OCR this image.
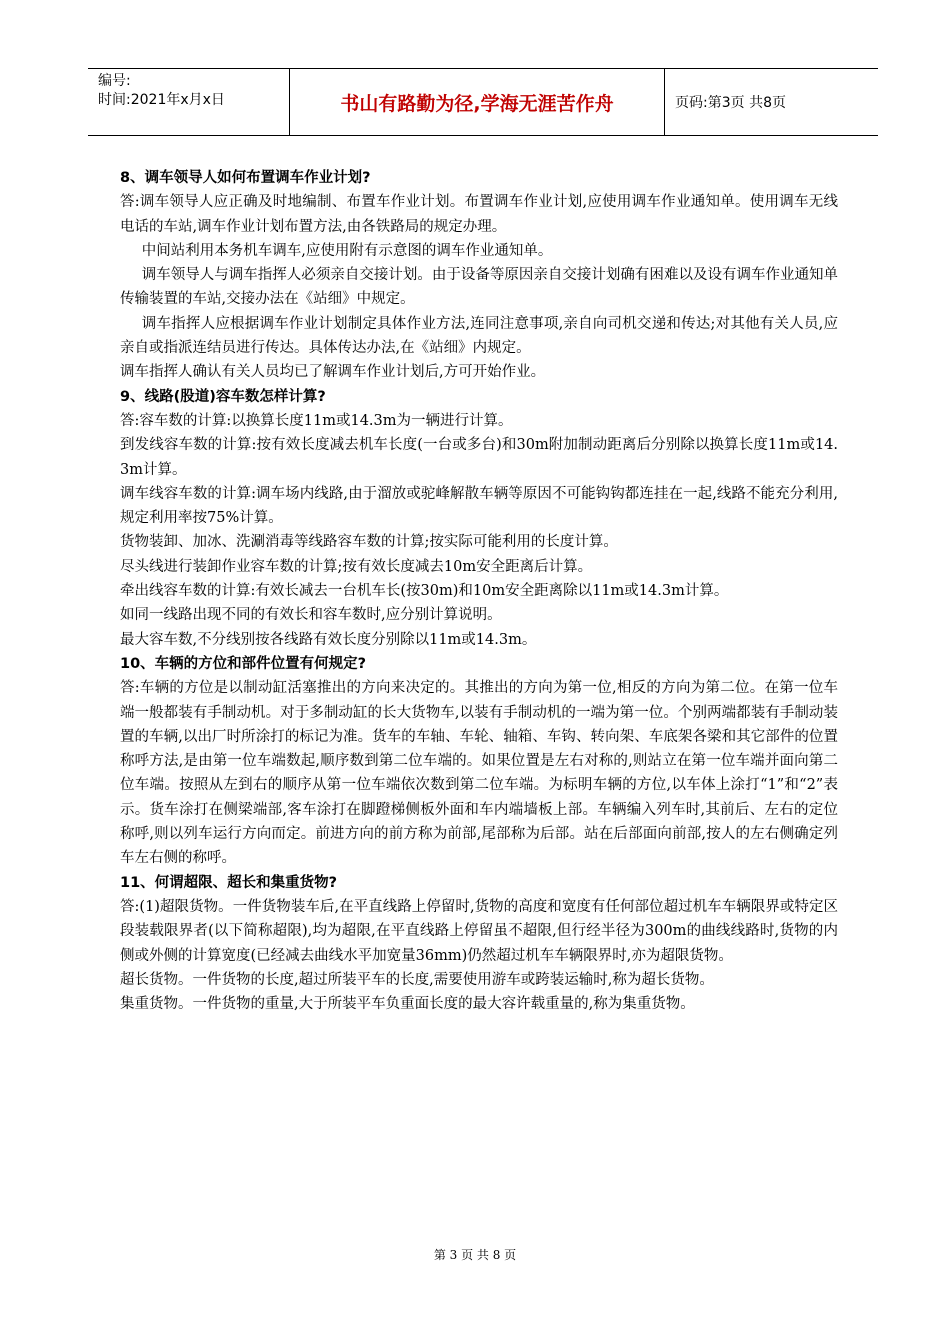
编号:
时间:2021年x月x日	书山有路勤为径,学海无涯苦作舟	页码:第3页 共8页

8、调车领导人如何布置调车作业计划?

答:调车领导人应正确及时地编制、布置车作业计划。布置调车作业计划,应使用调车作业通知单。使用调车无线电话的车站,调车作业计划布置方法,由各铁路局的规定办理。

中间站利用本务机车调车,应使用附有示意图的调车作业通知单。

调车领导人与调车指挥人必须亲自交接计划。由于设备等原因亲自交接计划确有困难以及设有调车作业通知单传输装置的车站,交接办法在《站细》中规定。

调车指挥人应根据调车作业计划制定具体作业方法,连同注意事项,亲自向司机交递和传达;对其他有关人员,应亲自或指派连结员进行传达。具体传达办法,在《站细》内规定。

调车指挥人确认有关人员均已了解调车作业计划后,方可开始作业。

9、线路(股道)容车数怎样计算?

答:容车数的计算:以换算长度11m或14.3m为一辆进行计算。

到发线容车数的计算:按有效长度减去机车长度(一台或多台)和30m附加制动距离后分别除以换算长度11m或14.3m计算。

调车线容车数的计算:调车场内线路,由于溜放或驼峰解散车辆等原因不可能钩钩都连挂在一起,线路不能充分利用,规定利用率按75%计算。

货物装卸、加冰、洗涮消毒等线路容车数的计算;按实际可能利用的长度计算。

尽头线进行装卸作业容车数的计算;按有效长度减去10m安全距离后计算。

牵出线容车数的计算:有效长减去一台机车长(按30m)和10m安全距离除以11m或14.3m计算。

如同一线路出现不同的有效长和容车数时,应分别计算说明。

最大容车数,不分线别按各线路有效长度分别除以11m或14.3m。

10、车辆的方位和部件位置有何规定?

答:车辆的方位是以制动缸活塞推出的方向来决定的。其推出的方向为第一位,相反的方向为第二位。在第一位车端一般都装有手制动机。对于多制动缸的长大货物车,以装有手制动机的一端为第一位。个别两端都装有手制动装置的车辆,以出厂时所涂打的标记为准。货车的车轴、车轮、轴箱、车钩、转向架、车底架各梁和其它部件的位置称呼方法,是由第一位车端数起,顺序数到第二位车端的。如果位置是左右对称的,则站立在第一位车端并面向第二位车端。按照从左到右的顺序从第一位车端依次数到第二位车端。为标明车辆的方位,以车体上涂打“1”和“2”表示。货车涂打在侧梁端部,客车涂打在脚蹬梯侧板外面和车内端墙板上部。车辆编入列车时,其前后、左右的定位称呼,则以列车运行方向而定。前进方向的前方称为前部,尾部称为后部。站在后部面向前部,按人的左右侧确定列车左右侧的称呼。

11、何谓超限、超长和集重货物?

答:(1)超限货物。一件货物装车后,在平直线路上停留时,货物的高度和宽度有任何部位超过机车车辆限界或特定区段装载限界者(以下简称超限),均为超限,在平直线路上停留虽不超限,但行经半径为300m的曲线线路时,货物的内侧或外侧的计算宽度(已经减去曲线水平加宽量36mm)仍然超过机车车辆限界时,亦为超限货物。

超长货物。一件货物的长度,超过所装平车的长度,需要使用游车或跨装运输时,称为超长货物。

集重货物。一件货物的重量,大于所装平车负重面长度的最大容许载重量的,称为集重货物。

第 3 页 共 8 页
